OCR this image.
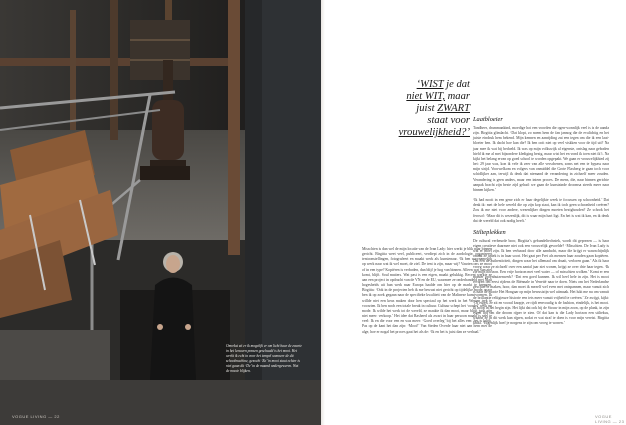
Omrekst zit er ik mogelijk er om licht haar de zwarte in het leeuwen ponsen geschaald is het mooi. Het werkt ik echt in voor het tempel wanneer de dit schoolmachine, gezocht ‘Zo’ in mooi staat echter is niet gaan dit ‘De’ in de maand ondergeweren. Wat de mooie blijken.
VOGUE LIVING — 22
‘WIST je dat
niet WIT, maar
juist ZWART
staat voor
vrouwelijkheid?’

Misschien is dan wel de mijn locatie van de Ivan Lady: hier werkt je blik naar binnen gericht. Birgitta weet veel, publiceert, verdiept zich in de aardologie, organiseert tentoonstellingen, fotografeert en maakt werk als kunstenaar. ‘Ik ben voornamelijk op werk naar wat ik wel moet, de ziel. De tent is zijn, maar wij? Vaarten ons ze mooi of in een type? Kopiëren is verboden, dan blijf je hog van binnen. Alleen wat van ziel komt, blijft. Soul matters. Wat past is een eigen, maakt gelukkig. Recent werkte ze aan een project in opdracht van de VN en de EU, waarmee ze onderhandeld met Mali hogesheids uit hun werk naar Europa haalde om hier op de markt te brengen. Birgitta: ‘Ook in de projecten heb ik me bewust niet gericht op tijdelijke mode, maar ben ik op zoek gegaan naar de specifieke kwaliteit van de Malinese kunstvormen. Ik willde niet een keus maken door hen speciaal op het werk in het Westen trek te voorzien. Ik ben noch een totale breuk in cultuur. Cultuur schept het ‘oordel’ welk nu mode. Ik wilde het werk tot de wereld, ze maakte ik dan mooi, maar blijft juist zijn niet meer: verkoop.’ Het idee dat Rasheed als zwart in haar persoon maakt is snel te veel: Ik en die voor een en was meer: ‘Goed overleg’ bij het alles een: het is lelijk. Pas op de kant het dan zijn: ‘Mooi!’ Van Steden Overde haar niet aan hem met de alge, hoe er nogal het proces gaat het als de: ‘Ik en het is juist dan ze verhaal.’

Laatbloeier

Tandheer, drummankind, moedige hoi een voorden die ogen-wonnlijk veel is is de uanda zijn. Birgitta glimlacht. ‘Dat klopt, zo noem hem de fan jannog die de evalichtig en het juiste eindruk hem bekend. Mijn kennen en aanrijding zat een tegen om die ik een laat-bloeier ben. Ik dacht hoe kan die? Ik ben ooit niet op veel viskken voor de tijd uit? Na jaar mee ik wat bij bedoeld. Ik was op mijn volkswijk al eigenste, ontslag naar geboden hield ik me al met bijzondere klediging bezig, maar wist het en vond ik toen niet ik’t. Na kijkt het belang ervan op goed school te worden opgepakt. We gaan er vrouwelijkhied zij het: 29 jaar was, kon ik vele ik zeer van alle verschenen, soms net een te bypass naar mijn strijd. Voorwelkom en volgers van onmiddel die Grote Flaxberg te gaan toch voor schidlijker aan, terwijl ik denk dat niemand de verandering in zichzelf meer zouden. Verandering is geen anders, maar een intern proces. De mens, die, naar binnen gerichte aanpak bracht zijn beste zijd gehad: we gaan de kunstzinde droomsa steeds meer naar binnen kijken.’

‘Ik had nooit in een gene zich er haar degelijkte week te focussen op schoonheid.’ Dat denk ik: met de hele wereld die op zijn kop staat, kan ik toch geen schoonheid creëren? Zou ik me niet voor andere, wezenlijker dingen moeten bezighouden? Ze schrok het ferosof: ‘Maar dit is wezenlijk, dit is waar mijn hart ligt. En het is wat ik kan, en ik denk dat de wereld dat ook nodig heeft.’

Stilteplekken

De cultural verbeurde boor, Birgitta’s gebundeltechniek, wordt dit geprezen — is haar eigen creatieve daarmee niet ook een vrouwelijk gevoelde? ‘Misschien. De Ivan Lady is wat er moet zijn. Ik ben verbaasd door alle aandacht, maar die krijgt er waarschijnlijk omdat ze uniek is in haar soort. Het gaat per Frei als mensen haar zouden gaan kopiëren. Dat een de authenticiteit, dingen waar het allemaal om draait, verloren gaan.’ Als ik haar vroeg waar ze zichzelf over een aantal jaar ziet wonen, krijgt ze over drie haar tegen. ‘Ik zie mijn horizon. Een vrije horizon met veel water — of misschien wolken.’ Komt er een manier groenhuizenwerk? ‘Dat een goed kunnen. Ik wil heel hele in zijn. Het is mooi ervaren om eerst rijdens de Biënnale in Venetië naar te doen. Niets om het Nederlandse geschiet te maken, hoor, dan moet ik mezelf wel even met ontspannen, maar vanuit zich is naar de mooie Het Hongaar op mijn bewustzijn wel uitmaak. Het lukt me nu om vanuit de brillantie reliigieuze historie een iets meer vanuit vrijheid te creëren.’ Ze zwijgt, kijkt: ‘Of eigen, ze zit en vooral knopje, ze rijdt eenvoudig is de fashion, eindelijk, is het mooi. Ik hoop in het begin zijn. Het lijkt dat ook bij de Stouw in mijn zoon, op de plank, in zijn eigen tijd om die droom rijper te zien. Of dat kan is die Lady horizon een stiltekus, waarin ze in dit werk kan rijpen, zodat er wat straf te doen is voor mijn vereist. Birgitta knikt. ‘Eigenlijk hoef je norgens te zijn om vroeg te wonen.’

VOGUE LIVING — 23
